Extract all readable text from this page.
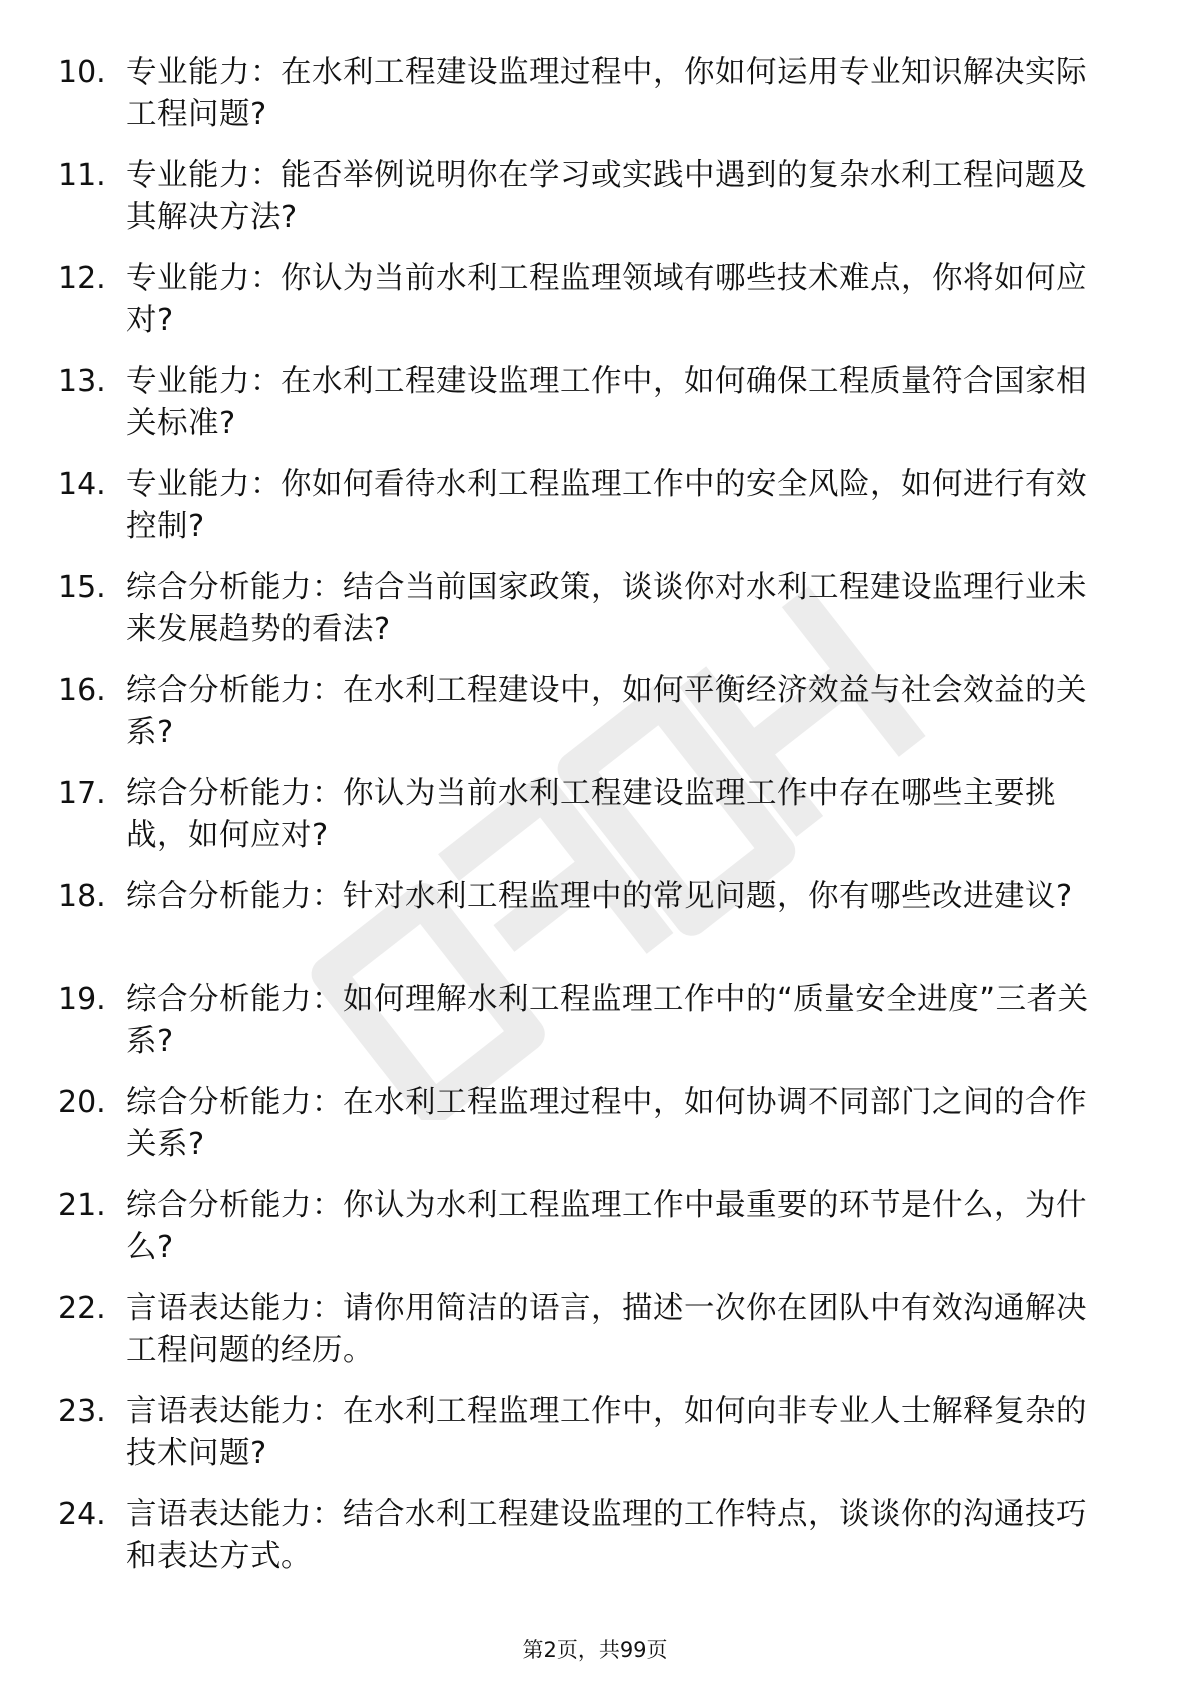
10. 专业能力：在水利工程建设监理过程中，你如何运用专业知识解决实际工程问题?
11. 专业能力：能否举例说明你在学习或实践中遇到的复杂水利工程问题及其解决方法?
12. 专业能力：你认为当前水利工程监理领域有哪些技术难点，你将如何应对?
13. 专业能力：在水利工程建设监理工作中，如何确保工程质量符合国家相关标准?
14. 专业能力：你如何看待水利工程监理工作中的安全风险，如何进行有效控制?
15. 综合分析能力：结合当前国家政策，谈谈你对水利工程建设监理行业未来发展趋势的看法?
16. 综合分析能力：在水利工程建设中，如何平衡经济效益与社会效益的关系?
17. 综合分析能力：你认为当前水利工程建设监理工作中存在哪些主要挑战，如何应对?
18. 综合分析能力：针对水利工程监理中的常见问题，你有哪些改进建议?
19. 综合分析能力：如何理解水利工程监理工作中的“质量安全进度”三者关系?
20. 综合分析能力：在水利工程监理过程中，如何协调不同部门之间的合作关系?
21. 综合分析能力：你认为水利工程监理工作中最重要的环节是什么，为什么?
22. 言语表达能力：请你用简洁的语言，描述一次你在团队中有效沟通解决工程问题的经历。
23. 言语表达能力：在水利工程监理工作中，如何向非专业人士解释复杂的技术问题?
24. 言语表达能力：结合水利工程建设监理的工作特点，谈谈你的沟通技巧和表达方式。
第2页，共99页
